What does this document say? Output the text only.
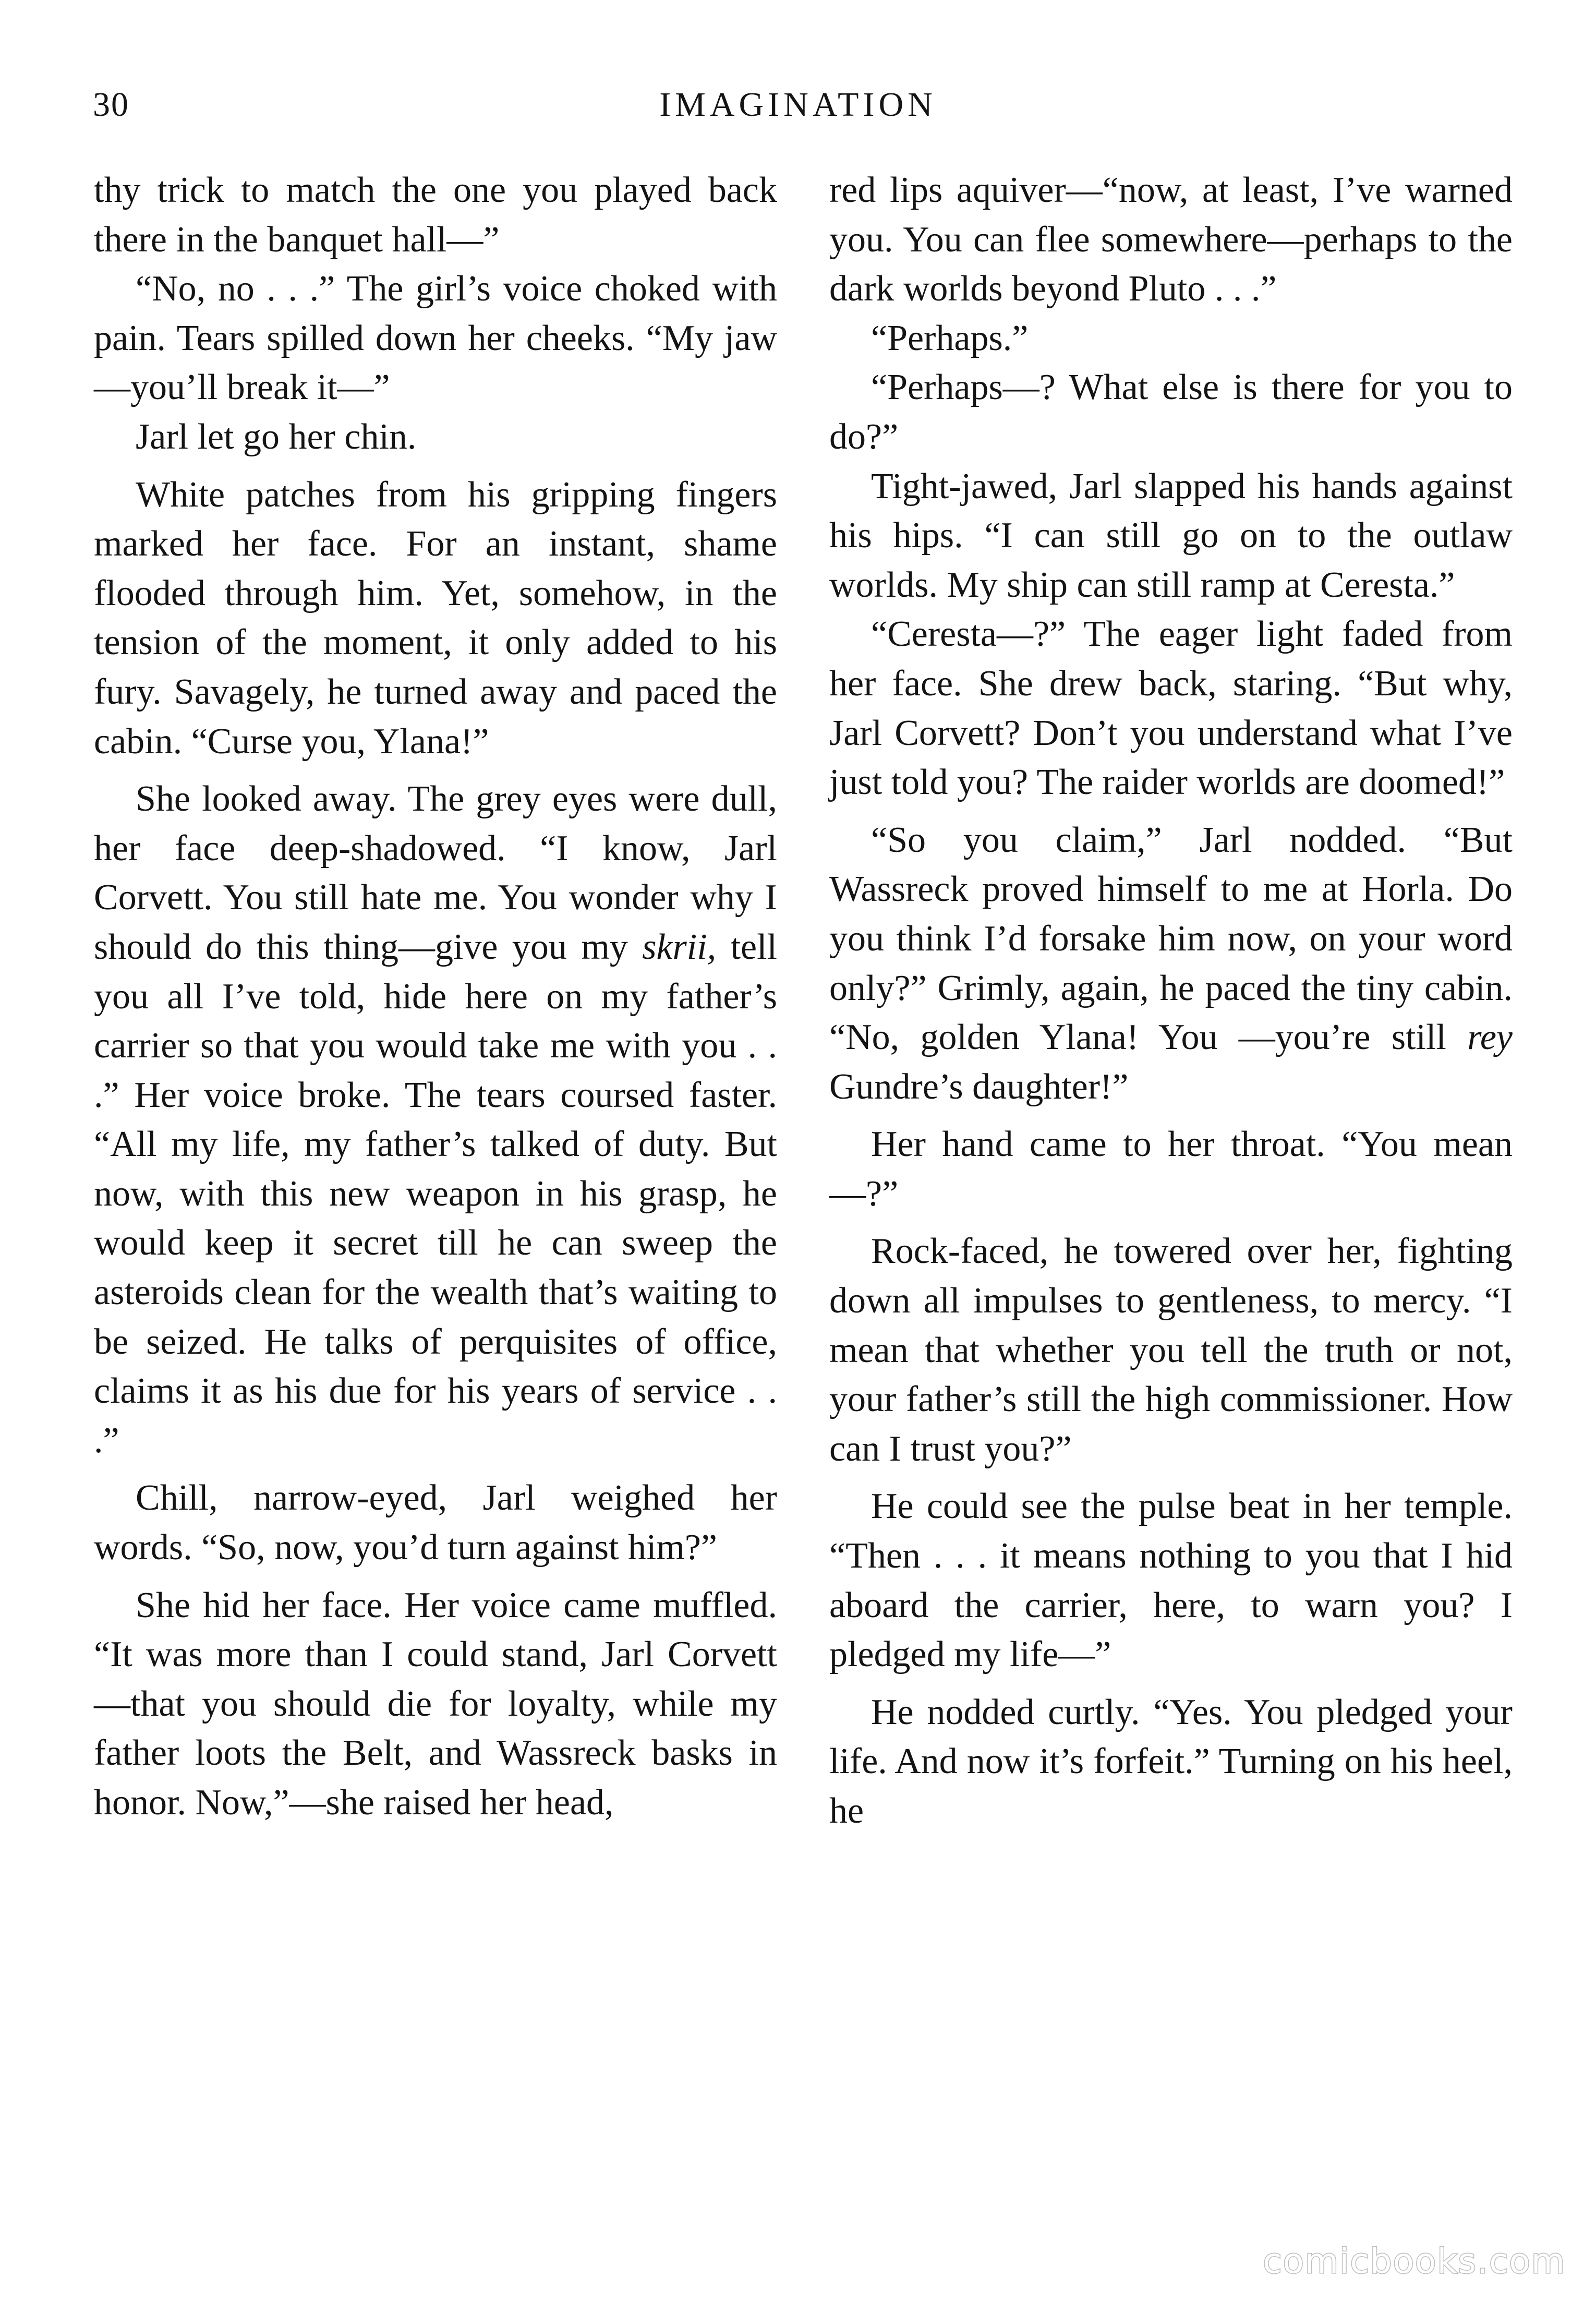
30	IMAGINATION

thy trick to match the one you played back there in the banquet hall—”

“No, no . . .” The girl’s voice choked with pain. Tears spilled down her cheeks. “My jaw—you’ll break it—”

Jarl let go her chin.

White patches from his gripping fingers marked her face. For an instant, shame flooded through him. Yet, somehow, in the tension of the moment, it only added to his fury. Savagely, he turned away and paced the cabin. “Curse you, Ylana!”

She looked away. The grey eyes were dull, her face deep-shadowed. “I know, Jarl Corvett. You still hate me. You wonder why I should do this thing—give you my skrii, tell you all I’ve told, hide here on my father’s carrier so that you would take me with you . . .” Her voice broke. The tears coursed faster. “All my life, my father’s talked of duty. But now, with this new weapon in his grasp, he would keep it secret till he can sweep the asteroids clean for the wealth that’s waiting to be seized. He talks of perquisites of office, claims it as his due for his years of service . . .”

Chill, narrow-eyed, Jarl weighed her words. “So, now, you’d turn against him?”

She hid her face. Her voice came muffled. “It was more than I could stand, Jarl Corvett—that you should die for loyalty, while my father loots the Belt, and Wassreck basks in honor. Now,”—she raised her head,

red lips aquiver—“now, at least, I’ve warned you. You can flee somewhere—perhaps to the dark worlds beyond Pluto . . .”

“Perhaps.”

“Perhaps—? What else is there for you to do?”

Tight-jawed, Jarl slapped his hands against his hips. “I can still go on to the outlaw worlds. My ship can still ramp at Ceresta.”

“Ceresta—?” The eager light faded from her face. She drew back, staring. “But why, Jarl Corvett? Don’t you understand what I’ve just told you? The raider worlds are doomed!”

“So you claim,” Jarl nodded. “But Wassreck proved himself to me at Horla. Do you think I’d forsake him now, on your word only?” Grimly, again, he paced the tiny cabin. “No, golden Ylana! You —you’re still rey Gundre’s daughter!”

Her hand came to her throat. “You mean—?”

Rock-faced, he towered over her, fighting down all impulses to gentleness, to mercy. “I mean that whether you tell the truth or not, your father’s still the high commissioner. How can I trust you?”

He could see the pulse beat in her temple. “Then . . . it means nothing to you that I hid aboard the carrier, here, to warn you? I pledged my life—”

He nodded curtly. “Yes. You pledged your life. And now it’s forfeit.” Turning on his heel, he

comicbooks.com
